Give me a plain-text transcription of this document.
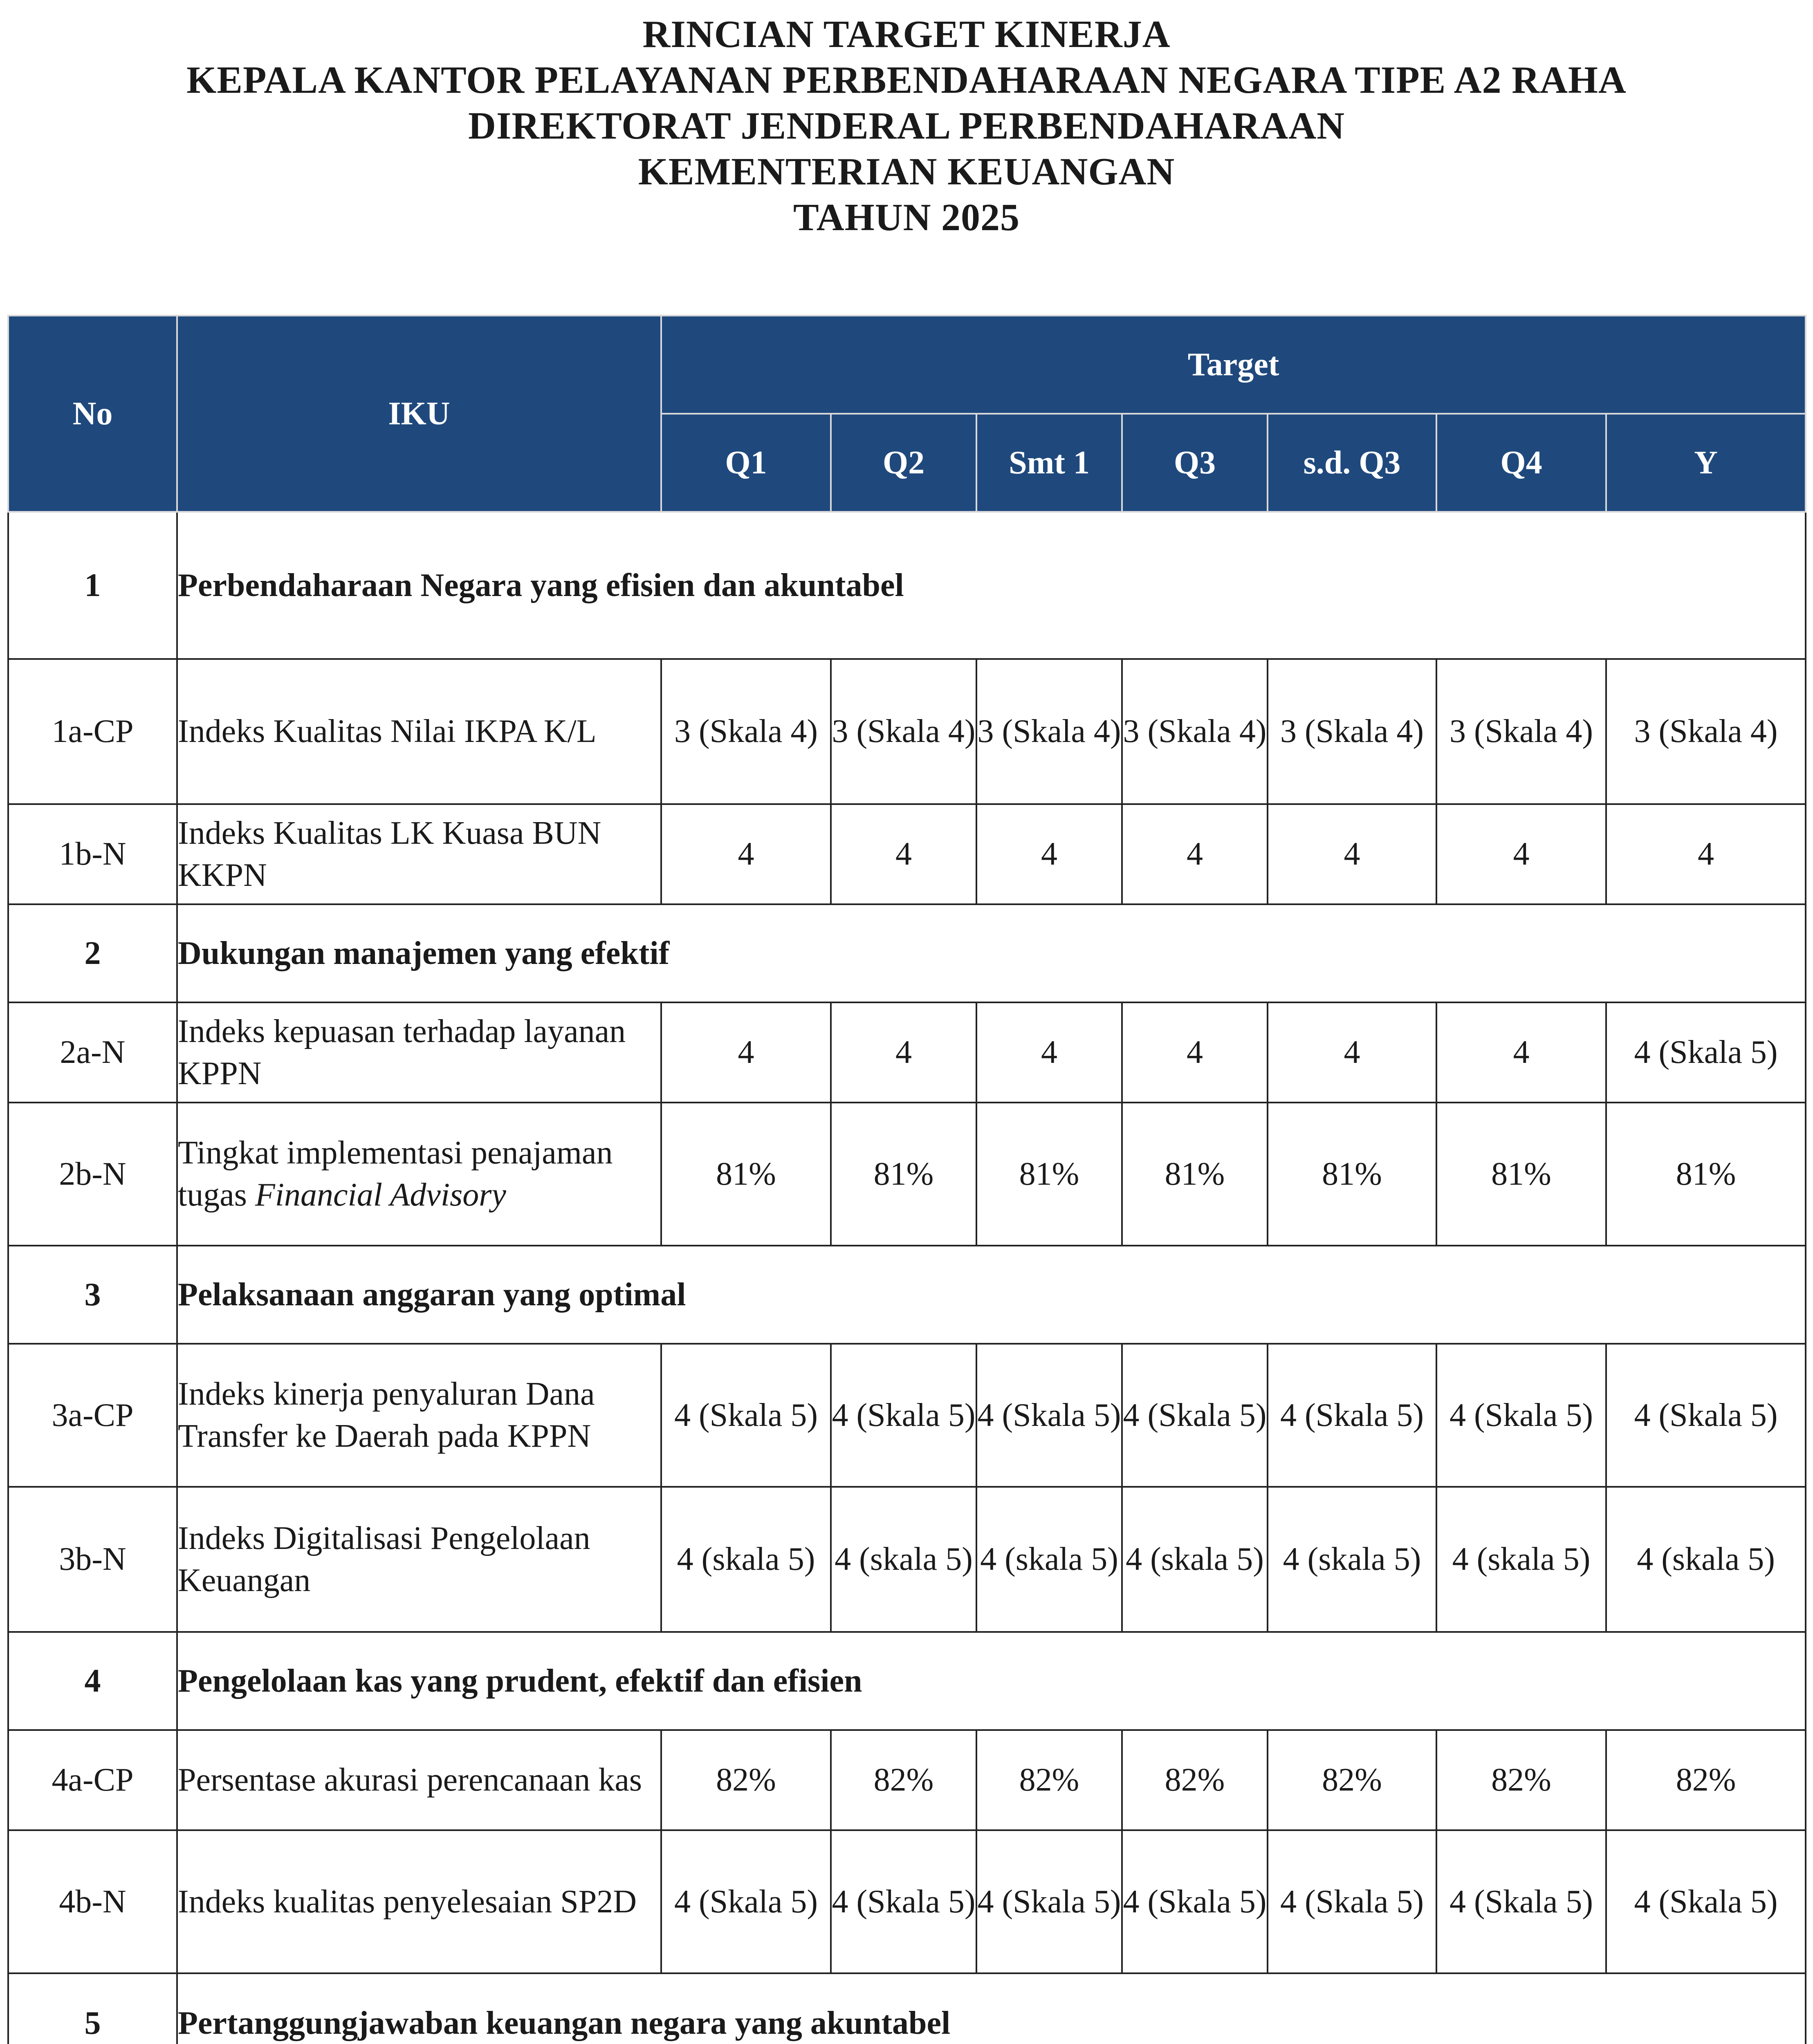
RINCIAN TARGET KINERJA
KEPALA KANTOR PELAYANAN PERBENDAHARAAN NEGARA TIPE A2 RAHA
DIREKTORAT JENDERAL PERBENDAHARAAN
KEMENTERIAN KEUANGAN
TAHUN 2025
No	IKU	Target						
		Q1	Q2	Smt 1	Q3	s.d. Q3	Q4	Y
1	Perbendaharaan Negara yang efisien dan akuntabel							
1a-CP	Indeks Kualitas Nilai IKPA K/L	3 (Skala 4)	3 (Skala 4)	3 (Skala 4)	3 (Skala 4)	3 (Skala 4)	3 (Skala 4)	3 (Skala 4)
1b-N	Indeks Kualitas LK Kuasa BUN KKPN	4	4	4	4	4	4	4
2	Dukungan manajemen yang efektif							
2a-N	Indeks kepuasan terhadap layanan KPPN	4	4	4	4	4	4	4 (Skala 5)
2b-N	Tingkat implementasi penajaman tugas Financial Advisory	81%	81%	81%	81%	81%	81%	81%
3	Pelaksanaan anggaran yang optimal							
3a-CP	Indeks kinerja penyaluran Dana Transfer ke Daerah pada KPPN	4 (Skala 5)	4 (Skala 5)	4 (Skala 5)	4 (Skala 5)	4 (Skala 5)	4 (Skala 5)	4 (Skala 5)
3b-N	Indeks Digitalisasi Pengelolaan Keuangan	4 (skala 5)	4 (skala 5)	4 (skala 5)	4 (skala 5)	4 (skala 5)	4 (skala 5)	4 (skala 5)
4	Pengelolaan kas yang prudent, efektif dan efisien							
4a-CP	Persentase akurasi perencanaan kas	82%	82%	82%	82%	82%	82%	82%
4b-N	Indeks kualitas penyelesaian SP2D	4 (Skala 5)	4 (Skala 5)	4 (Skala 5)	4 (Skala 5)	4 (Skala 5)	4 (Skala 5)	4 (Skala 5)
5	Pertanggungjawaban keuangan negara yang akuntabel							
